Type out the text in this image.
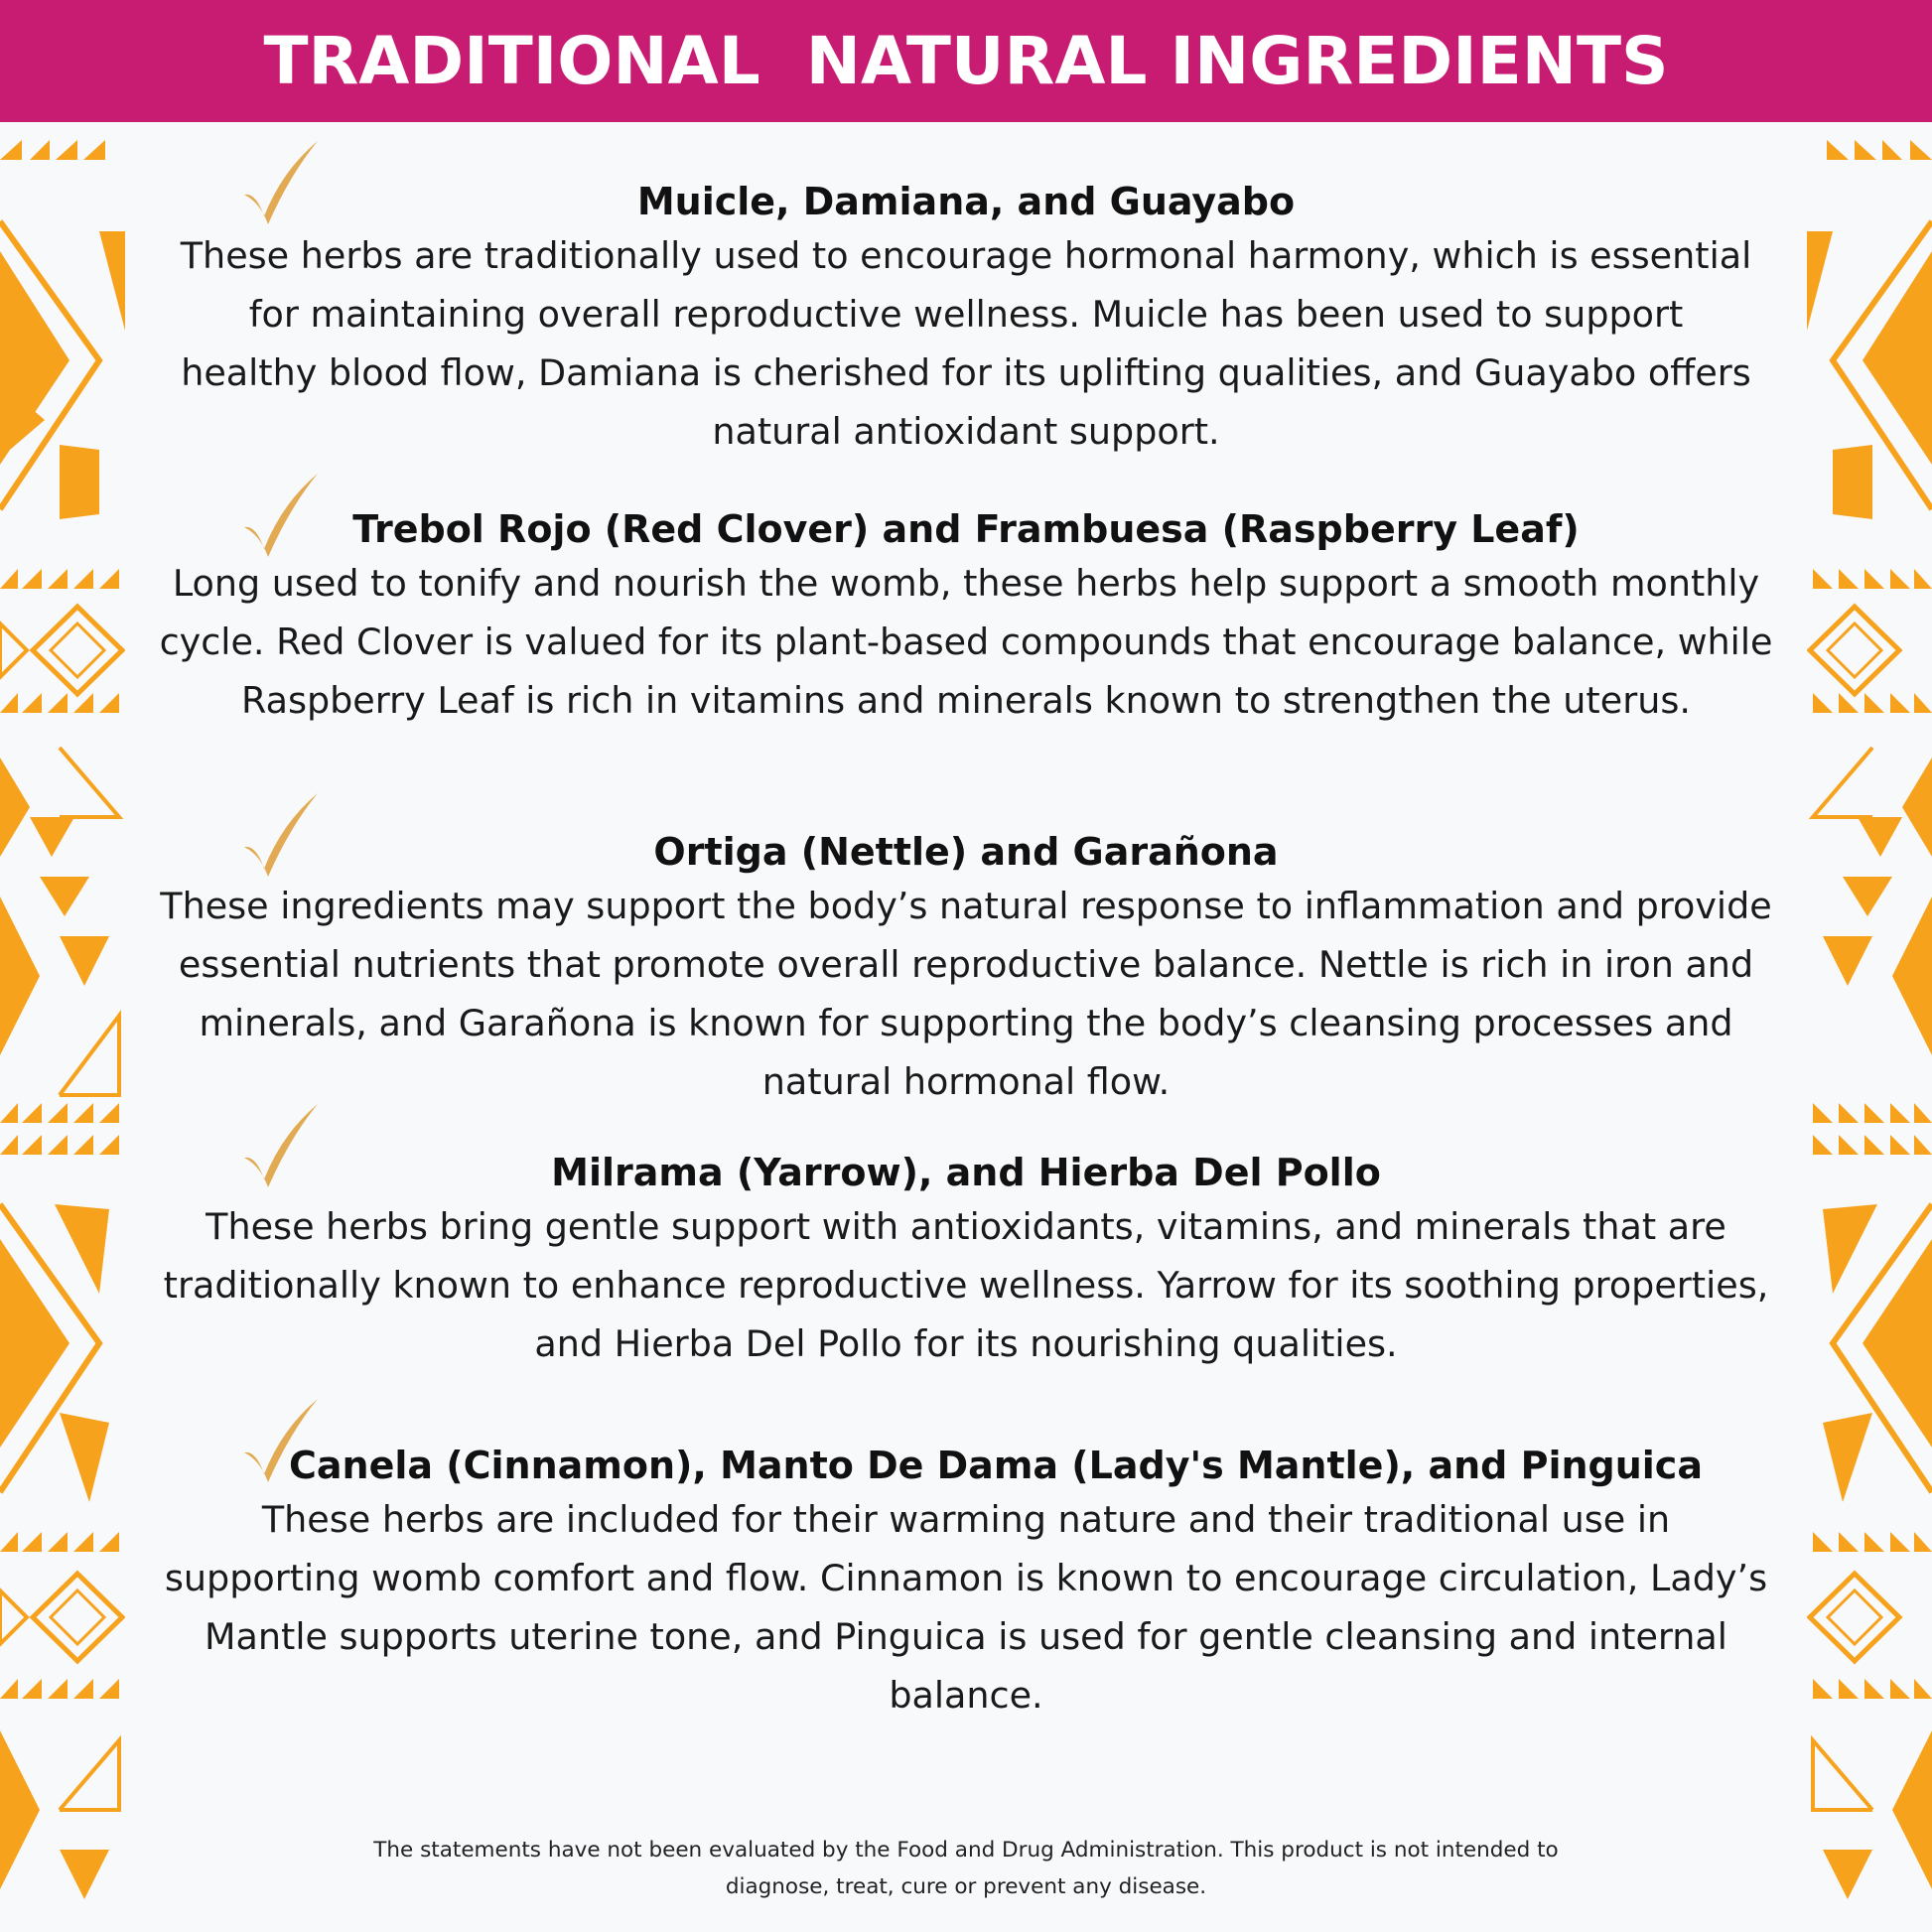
TRADITIONAL  NATURAL INGREDIENTS
Muicle, Damiana, and Guayabo

These herbs are traditionally used to encourage hormonal harmony, which is essential for maintaining overall reproductive wellness. Muicle has been used to support healthy blood flow, Damiana is cherished for its uplifting qualities, and Guayabo offers natural antioxidant support.

Trebol Rojo (Red Clover) and Frambuesa (Raspberry Leaf)

Long used to tonify and nourish the womb, these herbs help support a smooth monthly cycle. Red Clover is valued for its plant-based compounds that encourage balance, while Raspberry Leaf is rich in vitamins and minerals known to strengthen the uterus.

Ortiga (Nettle) and Garañona

These ingredients may support the body’s natural response to inflammation and provide essential nutrients that promote overall reproductive balance. Nettle is rich in iron and minerals, and Garañona is known for supporting the body’s cleansing processes and natural hormonal flow.

Milrama (Yarrow), and Hierba Del Pollo

These herbs bring gentle support with antioxidants, vitamins, and minerals that are traditionally known to enhance reproductive wellness. Yarrow for its soothing properties, and Hierba Del Pollo for its nourishing qualities.

Canela (Cinnamon), Manto De Dama (Lady's Mantle), and Pinguica

These herbs are included for their warming nature and their traditional use in supporting womb comfort and flow. Cinnamon is known to encourage circulation, Lady’s Mantle supports uterine tone, and Pinguica is used for gentle cleansing and internal balance.

The statements have not been evaluated by the Food and Drug Administration. This product is not intended to diagnose, treat, cure or prevent any disease.
